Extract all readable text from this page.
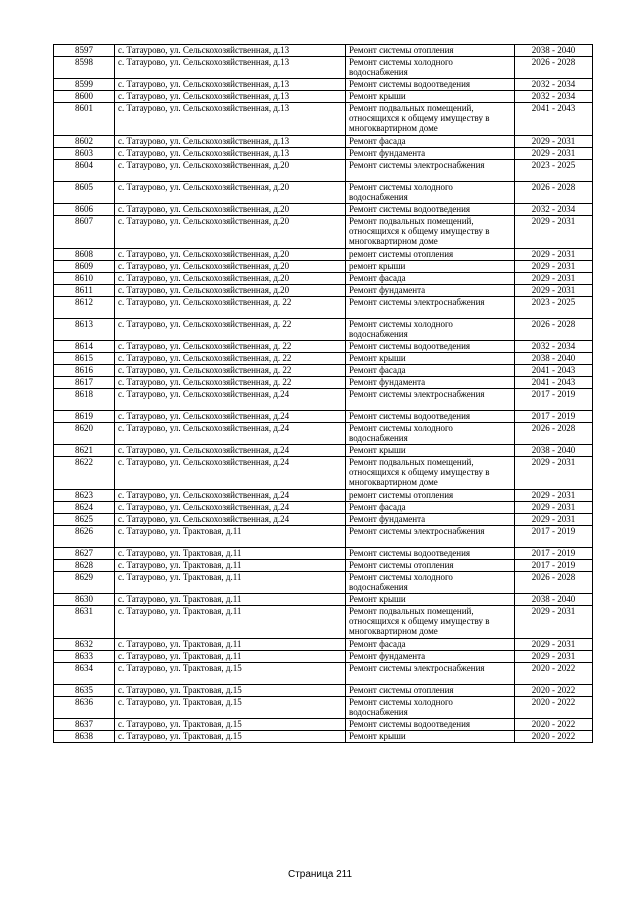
8597	с. Татаурово, ул. Сельскохозяйственная, д.13	Ремонт системы отопления	2038 - 2040
8598	с. Татаурово, ул. Сельскохозяйственная, д.13	Ремонт системы холодного водоснабжения	2026 - 2028
8599	с. Татаурово, ул. Сельскохозяйственная, д.13	Ремонт системы водоотведения	2032 - 2034
8600	с. Татаурово, ул. Сельскохозяйственная, д.13	Ремонт крыши	2032 - 2034
8601	с. Татаурово, ул. Сельскохозяйственная, д.13	Ремонт подвальных помещений, относящихся к общему имуществу в многоквартирном доме	2041 - 2043
8602	с. Татаурово, ул. Сельскохозяйственная, д.13	Ремонт фасада	2029 - 2031
8603	с. Татаурово, ул. Сельскохозяйственная, д.13	Ремонт фундамента	2029 - 2031
8604	с. Татаурово, ул. Сельскохозяйственная, д.20	Ремонт системы электроснабжения	2023 - 2025
8605	с. Татаурово, ул. Сельскохозяйственная, д.20	Ремонт системы холодного водоснабжения	2026 - 2028
8606	с. Татаурово, ул. Сельскохозяйственная, д.20	Ремонт системы водоотведения	2032 - 2034
8607	с. Татаурово, ул. Сельскохозяйственная, д.20	Ремонт подвальных помещений, относящихся к общему имуществу в многоквартирном доме	2029 - 2031
8608	с. Татаурово, ул. Сельскохозяйственная, д.20	ремонт системы отопления	2029 - 2031
8609	с. Татаурово, ул. Сельскохозяйственная, д.20	ремонт крыши	2029 - 2031
8610	с. Татаурово, ул. Сельскохозяйственная, д.20	Ремонт фасада	2029 - 2031
8611	с. Татаурово, ул. Сельскохозяйственная, д.20	Ремонт фундамента	2029 - 2031
8612	с. Татаурово, ул. Сельскохозяйственная, д. 22	Ремонт системы электроснабжения	2023 - 2025
8613	с. Татаурово, ул. Сельскохозяйственная, д. 22	Ремонт системы холодного водоснабжения	2026 - 2028
8614	с. Татаурово, ул. Сельскохозяйственная, д. 22	Ремонт системы водоотведения	2032 - 2034
8615	с. Татаурово, ул. Сельскохозяйственная, д. 22	Ремонт крыши	2038 - 2040
8616	с. Татаурово, ул. Сельскохозяйственная, д. 22	Ремонт фасада	2041 - 2043
8617	с. Татаурово, ул. Сельскохозяйственная, д. 22	Ремонт фундамента	2041 - 2043
8618	с. Татаурово, ул. Сельскохозяйственная, д.24	Ремонт системы электроснабжения	2017 - 2019
8619	с. Татаурово, ул. Сельскохозяйственная, д.24	Ремонт системы водоотведения	2017 - 2019
8620	с. Татаурово, ул. Сельскохозяйственная, д.24	Ремонт системы холодного водоснабжения	2026 - 2028
8621	с. Татаурово, ул. Сельскохозяйственная, д.24	Ремонт крыши	2038 - 2040
8622	с. Татаурово, ул. Сельскохозяйственная, д.24	Ремонт подвальных помещений, относящихся к общему имуществу в многоквартирном доме	2029 - 2031
8623	с. Татаурово, ул. Сельскохозяйственная, д.24	ремонт системы отопления	2029 - 2031
8624	с. Татаурово, ул. Сельскохозяйственная, д.24	Ремонт фасада	2029 - 2031
8625	с. Татаурово, ул. Сельскохозяйственная, д.24	Ремонт фундамента	2029 - 2031
8626	с. Татаурово, ул. Трактовая, д.11	Ремонт системы электроснабжения	2017 - 2019
8627	с. Татаурово, ул. Трактовая, д.11	Ремонт системы водоотведения	2017 - 2019
8628	с. Татаурово, ул. Трактовая, д.11	Ремонт системы отопления	2017 - 2019
8629	с. Татаурово, ул. Трактовая, д.11	Ремонт системы холодного водоснабжения	2026 - 2028
8630	с. Татаурово, ул. Трактовая, д.11	Ремонт крыши	2038 - 2040
8631	с. Татаурово, ул. Трактовая, д.11	Ремонт подвальных помещений, относящихся к общему имуществу в многоквартирном доме	2029 - 2031
8632	с. Татаурово, ул. Трактовая, д.11	Ремонт фасада	2029 - 2031
8633	с. Татаурово, ул. Трактовая, д.11	Ремонт фундамента	2029 - 2031
8634	с. Татаурово, ул. Трактовая, д.15	Ремонт системы электроснабжения	2020 - 2022
8635	с. Татаурово, ул. Трактовая, д.15	Ремонт системы отопления	2020 - 2022
8636	с. Татаурово, ул. Трактовая, д.15	Ремонт системы холодного водоснабжения	2020 - 2022
8637	с. Татаурово, ул. Трактовая, д.15	Ремонт системы водоотведения	2020 - 2022
8638	с. Татаурово, ул. Трактовая, д.15	Ремонт крыши	2020 - 2022
Страница 211
